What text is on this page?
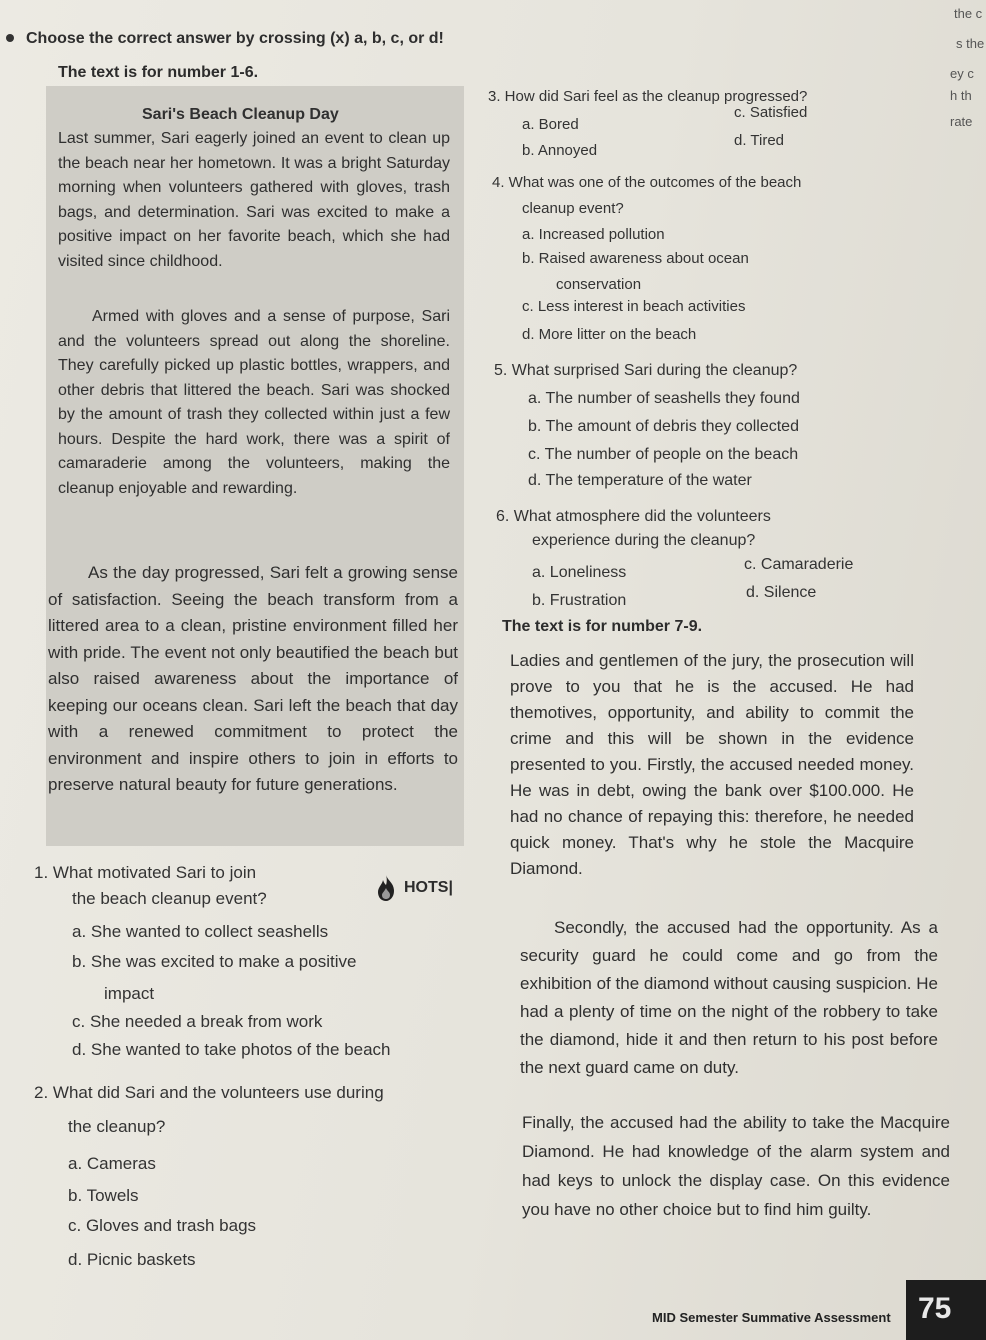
Choose the correct answer by crossing (x) a, b, c, or d!
The text is for number 1-6.
Sari's Beach Cleanup Day
Last summer, Sari eagerly joined an event to clean up the beach near her hometown. It was a bright Saturday morning when volunteers gathered with gloves, trash bags, and determination. Sari was excited to make a positive impact on her favorite beach, which she had visited since childhood.
Armed with gloves and a sense of purpose, Sari and the volunteers spread out along the shoreline. They carefully picked up plastic bottles, wrappers, and other debris that littered the beach. Sari was shocked by the amount of trash they collected within just a few hours. Despite the hard work, there was a spirit of camaraderie among the volunteers, making the cleanup enjoyable and rewarding.
As the day progressed, Sari felt a growing sense of satisfaction. Seeing the beach transform from a littered area to a clean, pristine environment filled her with pride. The event not only beautified the beach but also raised awareness about the importance of keeping our oceans clean. Sari left the beach that day with a renewed commitment to protect the environment and inspire others to join in efforts to preserve natural beauty for future generations.
1. What motivated Sari to join
the beach cleanup event?
HOTS|
a. She wanted to collect seashells
b. She was excited to make a positive
impact
c. She needed a break from work
d. She wanted to take photos of the beach
2. What did Sari and the volunteers use during
the cleanup?
a. Cameras
b. Towels
c. Gloves and trash bags
d. Picnic baskets
3. How did Sari feel as the cleanup progressed?
a. Bored
b. Annoyed
c. Satisfied
d. Tired
4. What was one of the outcomes of the beach
cleanup event?
a. Increased pollution
b. Raised awareness about ocean
conservation
c. Less interest in beach activities
d. More litter on the beach
5. What surprised Sari during the cleanup?
a. The number of seashells they found
b. The amount of debris they collected
c. The number of people on the beach
d. The temperature of the water
6. What atmosphere did the volunteers
experience during the cleanup?
a. Loneliness
b. Frustration
c. Camaraderie
d. Silence
The text is for number 7-9.
Ladies and gentlemen of the jury, the prosecution will prove to you that he is the accused. He had themotives, opportunity, and ability to commit the crime and this will be shown in the evidence presented to you. Firstly, the accused needed money. He was in debt, owing the bank over $100.000. He had no chance of repaying this: therefore, he needed quick money. That's why he stole the Macquire Diamond.
Secondly, the accused had the opportunity. As a security guard he could come and go from the exhibition of the diamond without causing suspicion. He had a plenty of time on the night of the robbery to take the diamond, hide it and then return to his post before the next guard came on duty.
Finally, the accused had the ability to take the Macquire Diamond. He had knowledge of the alarm system and had keys to unlock the display case. On this evidence you have no other choice but to find him guilty.
the c
s the
ey c
h th
rate
MID Semester Summative Assessment 75
